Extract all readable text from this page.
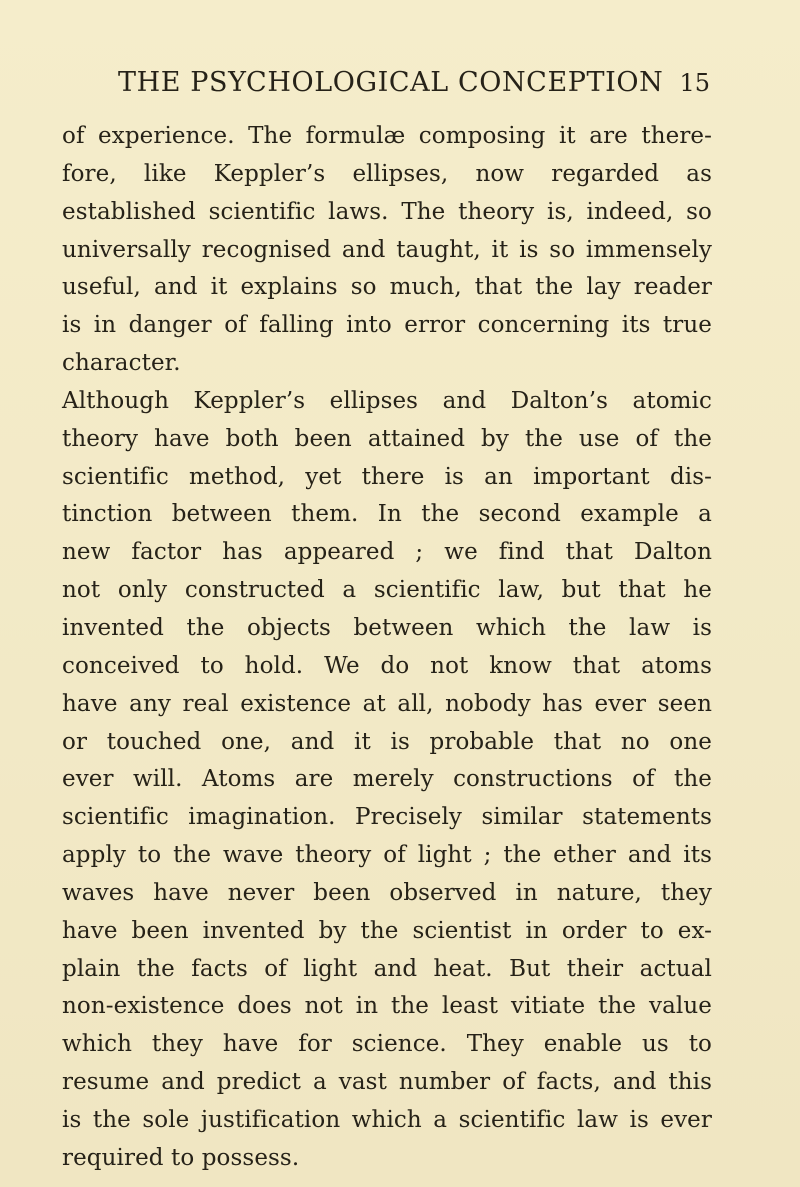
THE PSYCHOLOGICAL CONCEPTION 15
of experience. The formulæ composing it are there-
fore, like Keppler’s ellipses, now regarded as
established scientific laws. The theory is, indeed, so
universally recognised and taught, it is so immensely
useful, and it explains so much, that the lay reader
is in danger of falling into error concerning its true
character.
Although Keppler’s ellipses and Dalton’s atomic
theory have both been attained by the use of the
scientific method, yet there is an important dis-
tinction between them. In the second example a
new factor has appeared ; we find that Dalton
not only constructed a scientific law, but that he
invented the objects between which the law is
conceived to hold. We do not know that atoms
have any real existence at all, nobody has ever seen
or touched one, and it is probable that no one
ever will. Atoms are merely constructions of the
scientific imagination. Precisely similar statements
apply to the wave theory of light ; the ether and its
waves have never been observed in nature, they
have been invented by the scientist in order to ex-
plain the facts of light and heat. But their actual
non-existence does not in the least vitiate the value
which they have for science. They enable us to
resume and predict a vast number of facts, and this
is the sole justification which a scientific law is ever
required to possess.
